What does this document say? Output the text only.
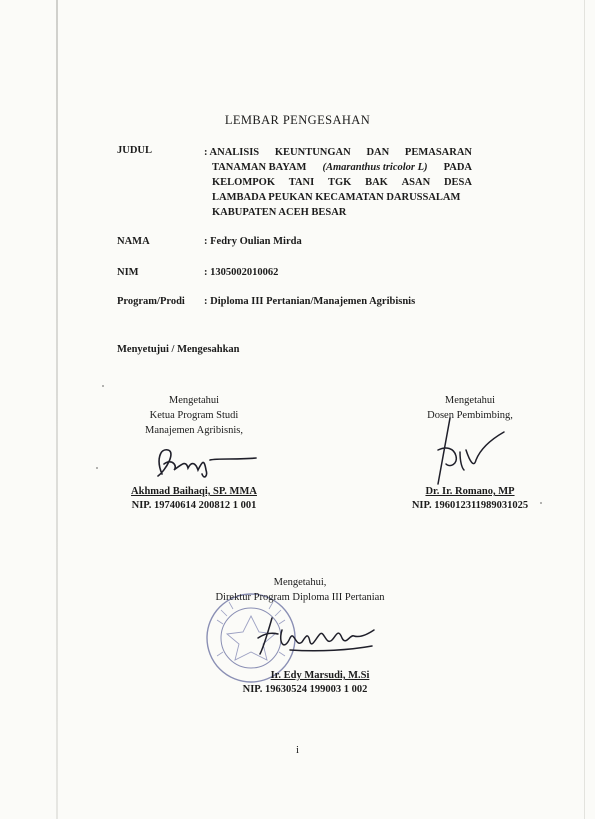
LEMBAR PENGESAHAN
JUDUL	: ANALISIS KEUNTUNGAN DAN PEMASARAN
TANAMAN BAYAM (Amaranthus tricolor L) PADA
KELOMPOK TANI TGK BAK ASAN DESA
LAMBADA PEUKAN KECAMATAN DARUSSALAM
KABUPATEN ACEH BESAR
NAMA	: Fedry Oulian Mirda
NIM	: 1305002010062
Program/Prodi : Diploma III Pertanian/Manajemen Agribisnis
Menyetujui / Mengesahkan
Mengetahui
Ketua Program Studi
Manajemen Agribisnis,
Akhmad Baihaqi, SP. MMA
NIP. 19740614 200812 1 001
Mengetahui
Dosen Pembimbing,
Dr. Ir. Romano, MP
NIP. 196012311989031025
Mengetahui,
Direktur Program Diploma III Pertanian
Ir. Edy Marsudi, M.Si
NIP. 19630524 199003 1 002
i
